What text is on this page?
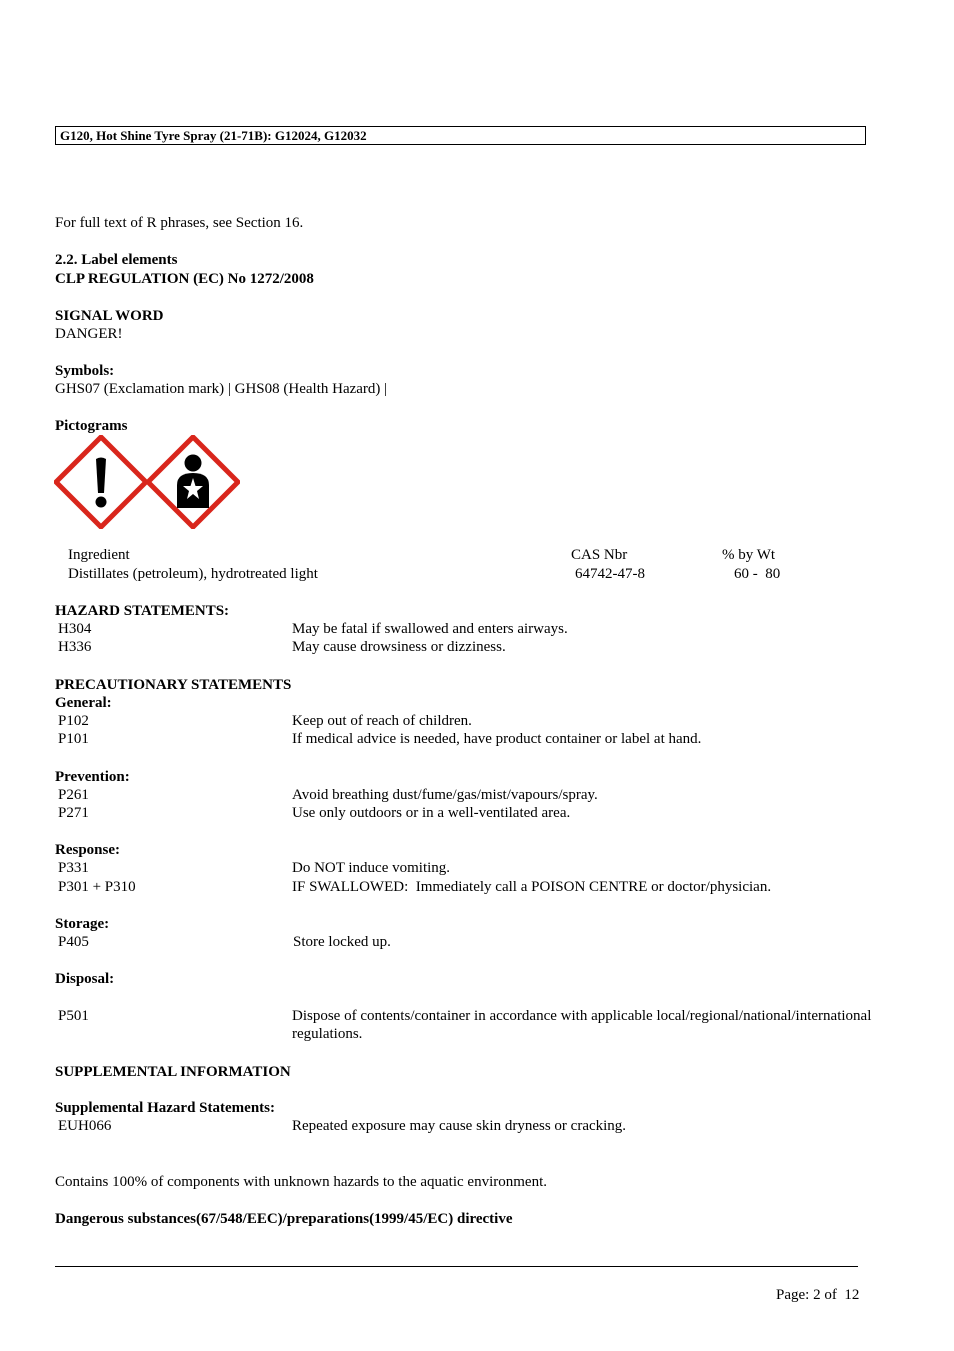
G120, Hot Shine Tyre Spray (21-71B): G12024, G12032
For full text of R phrases, see Section 16.
2.2. Label elements
CLP REGULATION (EC) No 1272/2008
SIGNAL WORD
DANGER!
Symbols:
GHS07 (Exclamation mark) | GHS08 (Health Hazard) |
Pictograms
Ingredient	CAS Nbr	% by Wt
Distillates (petroleum), hydrotreated light	64742-47-8	60 -  80
HAZARD STATEMENTS:
H304	May be fatal if swallowed and enters airways.
H336	May cause drowsiness or dizziness.
PRECAUTIONARY STATEMENTS
General:
P102	Keep out of reach of children.
P101	If medical advice is needed, have product container or label at hand.
Prevention:
P261	Avoid breathing dust/fume/gas/mist/vapours/spray.
P271	Use only outdoors or in a well-ventilated area.
Response:
P331	Do NOT induce vomiting.
P301 + P310	IF SWALLOWED:  Immediately call a POISON CENTRE or doctor/physician.
Storage:
P405	Store locked up.
Disposal:
P501	Dispose of contents/container in accordance with applicable local/regional/national/international
regulations.
SUPPLEMENTAL INFORMATION
Supplemental Hazard Statements:
EUH066	Repeated exposure may cause skin dryness or cracking.
Contains 100% of components with unknown hazards to the aquatic environment.
Dangerous substances(67/548/EEC)/preparations(1999/45/EC) directive
Page: 2 of  12
